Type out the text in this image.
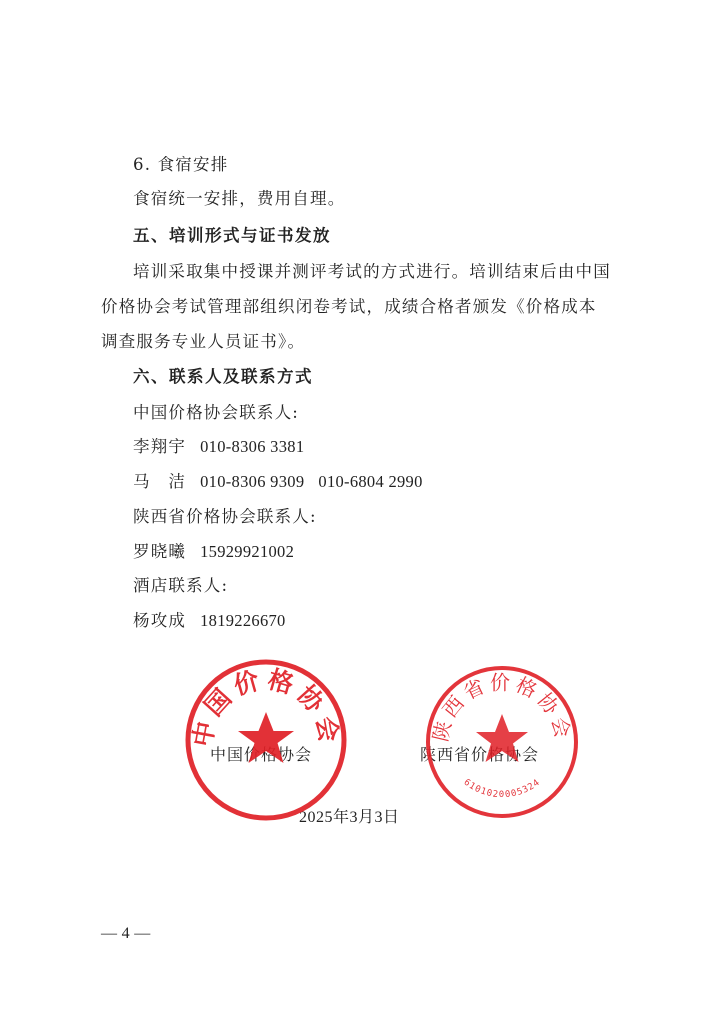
6. 食宿安排
食宿统一安排，费用自理。
五、培训形式与证书发放
培训采取集中授课并测评考试的方式进行。培训结束后由中国
价格协会考试管理部组织闭卷考试，成绩合格者颁发《价格成本
调查服务专业人员证书》。
六、联系人及联系方式
中国价格协会联系人:
李翔宇 010-8306 3381
马　洁 010-8306 9309 010-6804 2990
陕西省价格协会联系人:
罗晓曦 15929921002
酒店联系人:
杨攻成 1819226670
中国价格协会	陕西省价格协会
2025年3月3日
中国价格协会	陕西省价格协会
6101020005324
— 4 —
